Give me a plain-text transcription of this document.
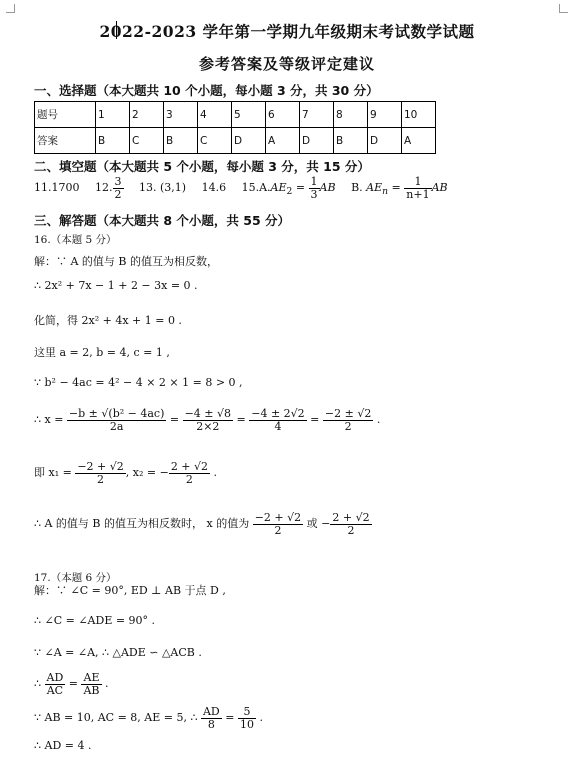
2022-2023 学年第一学期九年级期末考试数学试题
参考答案及等级评定建议
一、选择题（本大题共 10 个小题，每小题 3 分，共 30 分）
题号	1	2	3	4	5	6	7	8	9	10
答案	B	C	B	C	D	A	D	B	D	A
二、填空题（本大题共 5 个小题，每小题 3 分，共 15 分）
11.1700 12. $\frac{3}{2} 13$. (3,1) 14.6 $15.A.AE_2 = \frac{1}{3}$ AB B. $AE_n = \frac{1}{n+1}$ AB
三、解答题（本大题共 8 个小题，共 55 分）
16.（本题 5 分）
解：∵ A 的值与 B 的值互为相反数，
∴ 2x² + 7x − 1 + 2 − 3x = 0 .
化简，得 2x² + 4x + 1 = 0 .
这里 a = 2, b = 4, c = 1 ,
∵ b² − 4ac = 4² − 4 × 2 × 1 = 8 > 0 ,
∴ $x = \frac{\text{−b ± √(b² − 4ac)}}{2a} = \frac{-4 \pm √8}{2\times 2} = \frac{-4 \pm 2√2}{4} = \frac{-2 \pm √2}{2}$ .
即 $x_1 = \frac{-2 + √2}{2}$ , x₂ = − $\frac{2 + √2}{2}$ .
∴ A 的值与 B 的值互为相反数时， x 的值为 $\frac{-2 + √2}{2}$ 或 − $\frac{2 + √2}{2}$
17.（本题 6 分）
解：∵ ∠C = 90°, ED ⊥ AB 于点 D ,
∴ ∠C = ∠ADE = 90° .
∵ ∠A = ∠A, ∴ △ADE ∽ △ACB .
∴ $\frac{AD}{AC} = \frac{AE}{AB}$ .
∵ AB = 10, AC = 8, AE = 5, ∴ $\frac{AD}{8} = \frac{5}{10}$ .
∴ AD = 4 .
